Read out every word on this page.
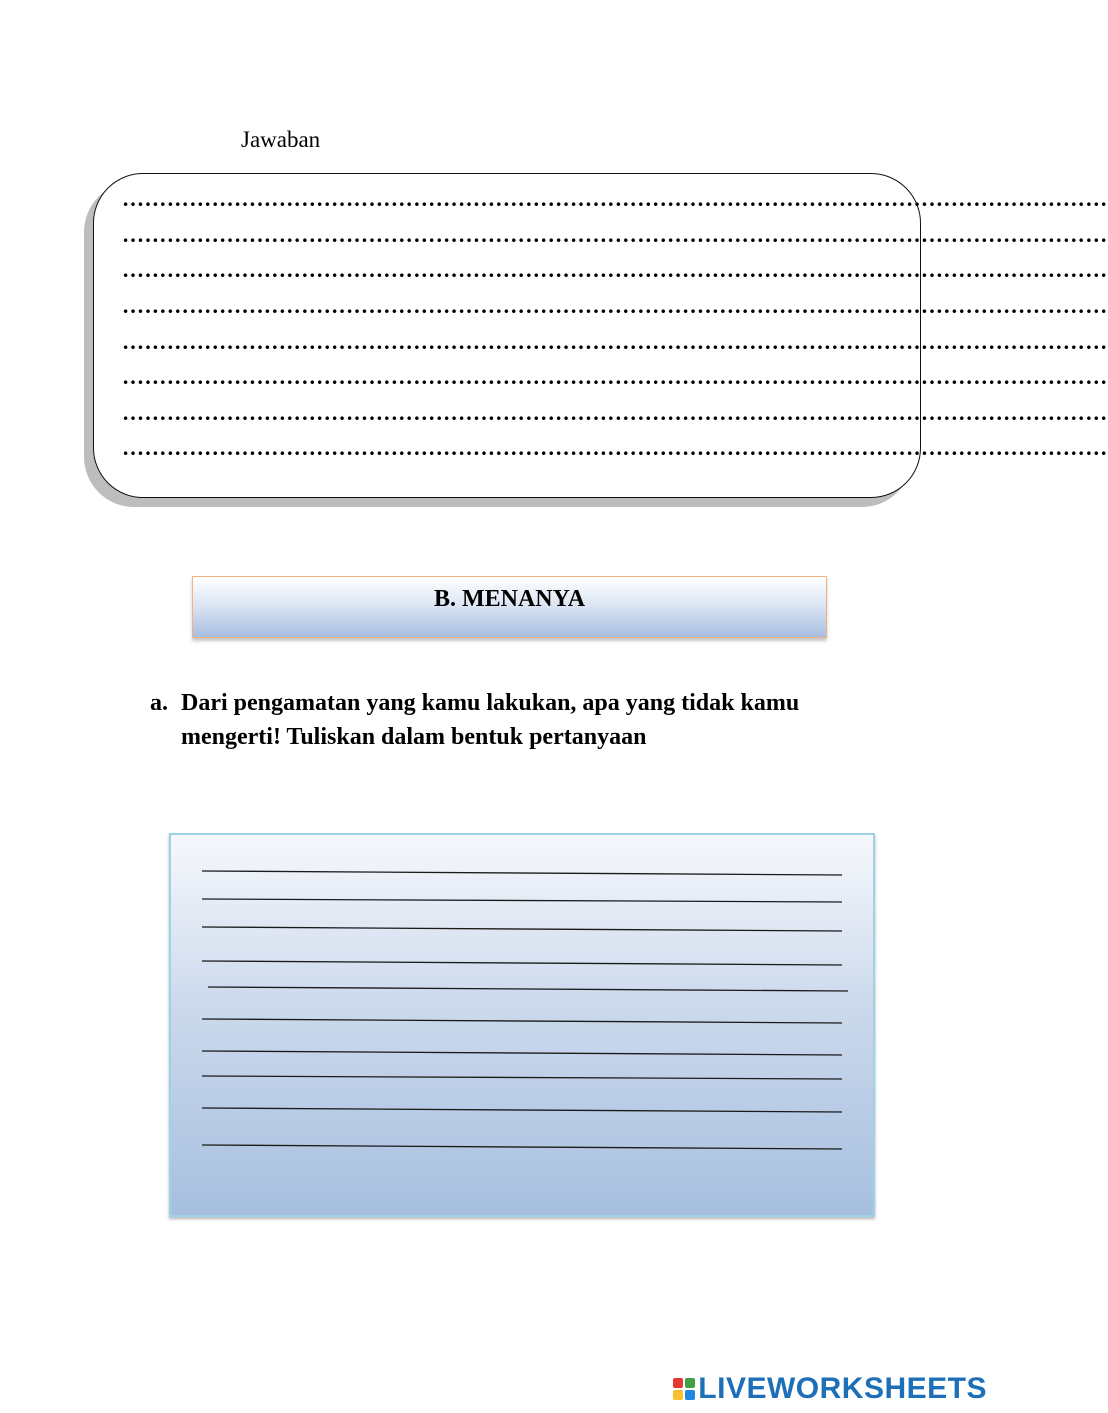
Jawaban
……………………………………………………………………………………………………………………
……………………………………………………………………………………………………………………
……………………………………………………………………………………………………………………
……………………………………………………………………………………………………………………
……………………………………………………………………………………………………………………
……………………………………………………………………………………………………………………
……………………………………………………………………………………………………………………
……………………………………………………………………………………………………………………
B. MENANYA
a. Dari pengamatan yang kamu lakukan, apa yang tidak kamu mengerti! Tuliskan dalam bentuk pertanyaan
LIVEWORKSHEETS
